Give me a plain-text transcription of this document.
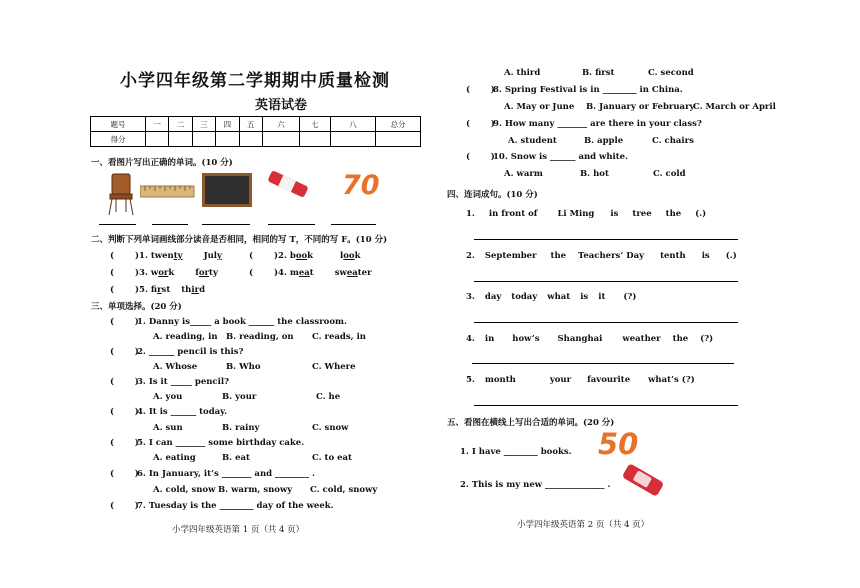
小学四年级第二学期期中质量检测
英语试卷
题号	一	二	三	四	五	六	七	八	总分
得分									
一、看图片写出正确的单词。(10 分)
70
二、判断下列单词画线部分读音是否相同，相同的写 T，不同的写 F。(10 分)
( )1. twenty July	( )2. book	look
( )3. work forty	( )4. meat sweater
( )5. first third
三、单项选择。(20 分)
(       )
1. Danny is_____ a book ______ the classroom.
A. reading, in B. reading, on C. reads, in
(       )
2. ______ pencil is this?
A. Whose	B. Who	C. Where
(       )
3. Is it _____ pencil?
A. you	B. your	C. he
(       )
4. It is ______ today.
A. sun	B. rainy	C. snow
(       )
5. I can _______ some birthday cake.
A. eating	B. eat	C. to eat
(       )
6. In January, it’s _______ and ________ .
A. cold, snow B. warm, snowy C. cold, snowy
(       )
7. Tuesday is the ________ day of the week.
小学四年级英语第 1 页（共 4 页）
A. third	B. first	C. second
(       )
8. Spring Festival is in ________ in China.
A. May or June B. January or February
C. March or April
(       )
9. How many _______ are there in your class?
A. student	B. apple	C. chairs
(       )
10. Snow is ______ and white.
A. warm	B. hot	C. cold
四、连词成句。(10 分)
1. in front of Li Ming is tree the (.)
2. September the Teachers’ Day tenth is (.)
3. day today what is it (?)
4. in how’s Shanghai weather the (?)
5. month	your favourite what’s (?)
五、看图在横线上写出合适的单词。(20 分)
1. I have ________ books. 50
2. This is my new ______________ .
小学四年级英语第 2 页（共 4 页）
